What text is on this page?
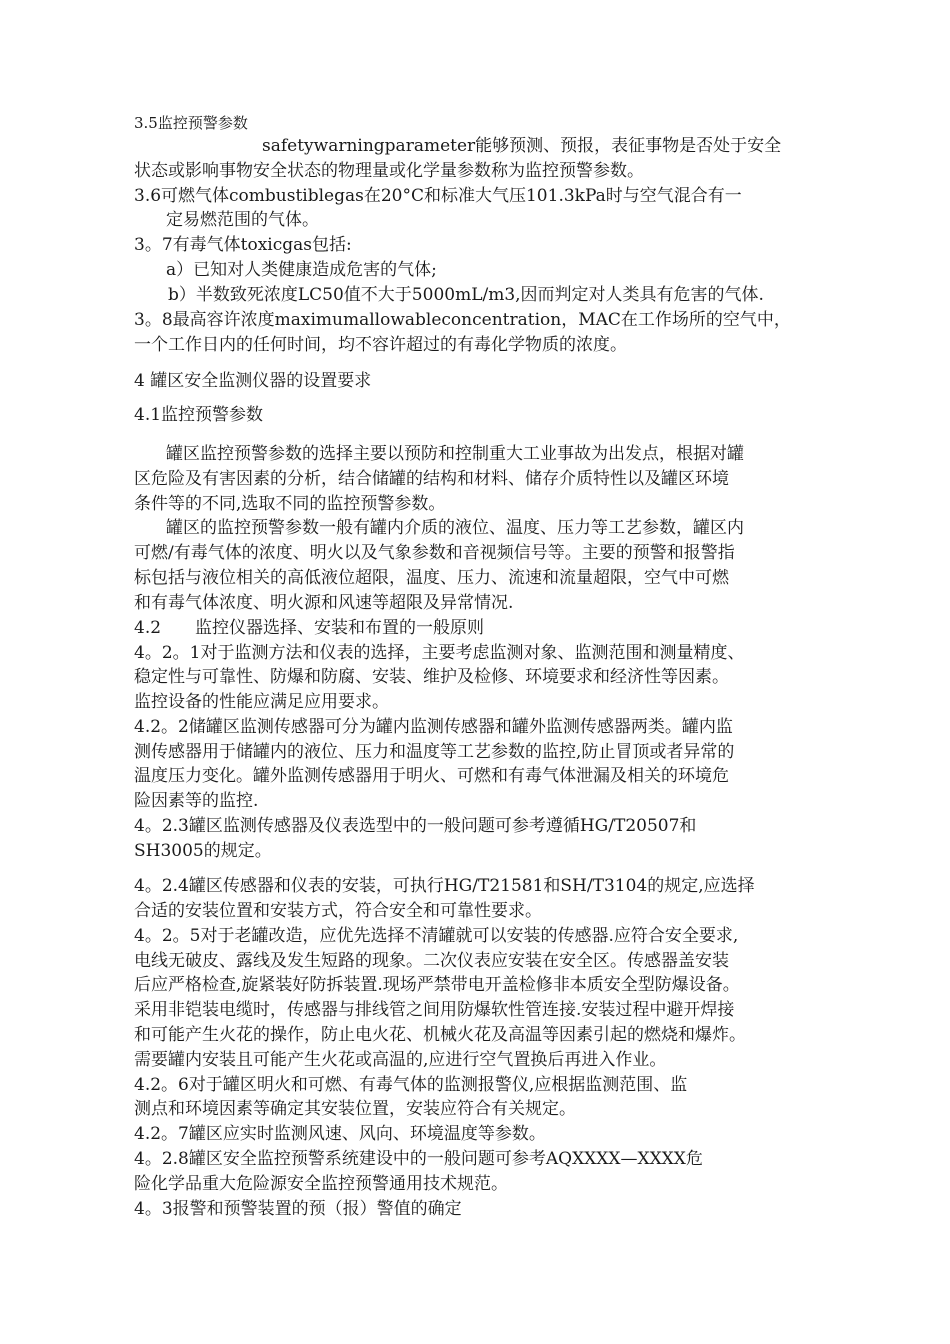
3.5监控预警参数
safetywarningparameter能够预测、预报，表征事物是否处于安全
状态或影响事物安全状态的物理量或化学量参数称为监控预警参数。
3.6可燃气体combustiblegas在20°C和标准大气压101.3kPa时与空气混合有一
定易燃范围的气体。
3。7有毒气体toxicgas包括:
a）已知对人类健康造成危害的气体;
b）半数致死浓度LC50值不大于5000mL/m3,因而判定对人类具有危害的气体.
3。8最高容许浓度maximumallowableconcentration，MAC在工作场所的空气中，
一个工作日内的任何时间，均不容许超过的有毒化学物质的浓度。
4 罐区安全监测仪器的设置要求
4.1监控预警参数
罐区监控预警参数的选择主要以预防和控制重大工业事故为出发点，根据对罐
区危险及有害因素的分析，结合储罐的结构和材料、储存介质特性以及罐区环境
条件等的不同,选取不同的监控预警参数。
罐区的监控预警参数一般有罐内介质的液位、温度、压力等工艺参数，罐区内
可燃/有毒气体的浓度、明火以及气象参数和音视频信号等。主要的预警和报警指
标包括与液位相关的高低液位超限，温度、压力、流速和流量超限，空气中可燃
和有毒气体浓度、明火源和风速等超限及异常情况.
4.2　　监控仪器选择、安装和布置的一般原则
4。2。1对于监测方法和仪表的选择，主要考虑监测对象、监测范围和测量精度、
稳定性与可靠性、防爆和防腐、安装、维护及检修、环境要求和经济性等因素。
监控设备的性能应满足应用要求。
4.2。2储罐区监测传感器可分为罐内监测传感器和罐外监测传感器两类。罐内监
测传感器用于储罐内的液位、压力和温度等工艺参数的监控,防止冒顶或者异常的
温度压力变化。罐外监测传感器用于明火、可燃和有毒气体泄漏及相关的环境危
险因素等的监控.
4。2.3罐区监测传感器及仪表选型中的一般问题可参考遵循HG/T20507和
SH3005的规定。
4。2.4罐区传感器和仪表的安装，可执行HG/T21581和SH/T3104的规定,应选择
合适的安装位置和安装方式，符合安全和可靠性要求。
4。2。5对于老罐改造，应优先选择不清罐就可以安装的传感器.应符合安全要求,
电线无破皮、露线及发生短路的现象。二次仪表应安装在安全区。传感器盖安装
后应严格检查,旋紧装好防拆装置.现场严禁带电开盖检修非本质安全型防爆设备。
采用非铠装电缆时，传感器与排线管之间用防爆软性管连接.安装过程中避开焊接
和可能产生火花的操作，防止电火花、机械火花及高温等因素引起的燃烧和爆炸。
需要罐内安装且可能产生火花或高温的,应进行空气置换后再进入作业。
4.2。6对于罐区明火和可燃、有毒气体的监测报警仪,应根据监测范围、监
测点和环境因素等确定其安装位置，安装应符合有关规定。
4.2。7罐区应实时监测风速、风向、环境温度等参数。
4。2.8罐区安全监控预警系统建设中的一般问题可参考AQXXXX—XXXX危
险化学品重大危险源安全监控预警通用技术规范。
4。3报警和预警装置的预（报）警值的确定
